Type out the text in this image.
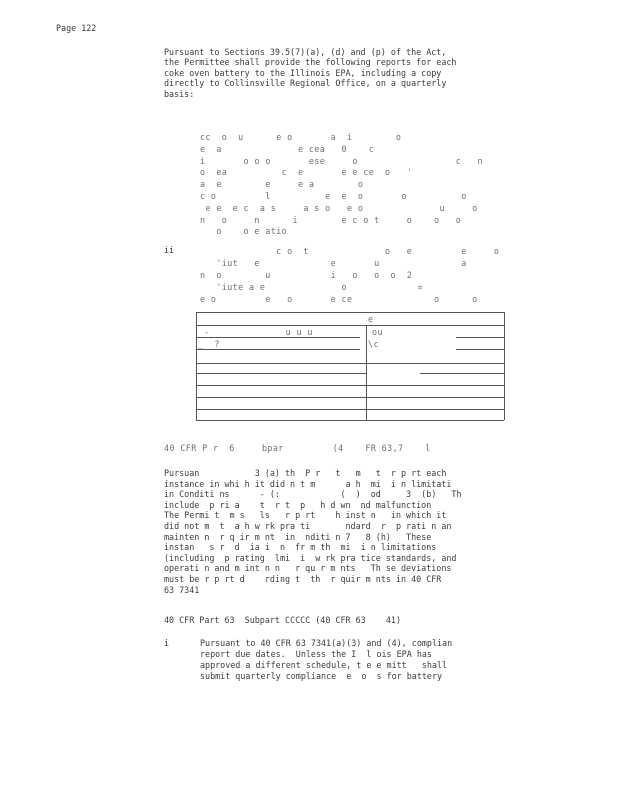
Page 122
Pursuant to Sections 39.5(7)(a), (d) and (p) of the Act,
the Permittee shall provide the following reports for each
coke oven battery to the Illinois EPA, including a copy
directly to Collinsville Regional Office, on a quarterly
basis:
cc  o  u      e o       a  i        o
e  a              e cea   0    c
i       o o o       ese     o                  c   n
o  ea          c  e       e e ce  o   '
a  e        e     e a        o
c o         l          e  e  o       o          o
e e  e c  a s     a s o   e o              u     o
n   o     n      i        e c o t     o    o   o
o    o e atio
ii	c o  t              o   e         e     o
'iut   e             e       u               a
n  o        u           i   o   o  o  2
'iute a e              o             =
e o         e   o       e ce               o      o
e
-              u u u	ou
_  ?	\c
40 CFR P r  6     bpar         (4    FR 63,7    l
Pursuan           3 (a) th  P r   t   m   t  r p rt each
instance in whi h it did n t m      a h  mi  i n limitati
in Conditi ns      - (:            (  )  od     3  (b)   Th
include  p ri a    t  r t  p   h d wn  nd malfunction
The Permi t  m s   ls   r p rt    h inst n   in which it
did not m  t  a h w rk pra ti       ndard  r  p rati n an
mainten n  r q ir m nt  in  nditi n 7   8 (h)   These
instan   s r  d  ia i  n  fr m th  mi  i n limitations
(including  p rating  lmi  i  w rk pra tice standards, and
operati n and m int n n   r qu r m nts   Th se deviations
must be r p rt d    rding t  th  r quir m nts in 40 CFR
63 7341
40 CFR Part 63  Subpart CCCCC (40 CFR 63    41)
i	Pursuant to 40 CFR 63 7341(a)(3) and (4), complian
report due dates.  Unless the I  l ois EPA has
approved a different schedule, t e e mitt   shall
submit quarterly compliance  e  o  s for battery
